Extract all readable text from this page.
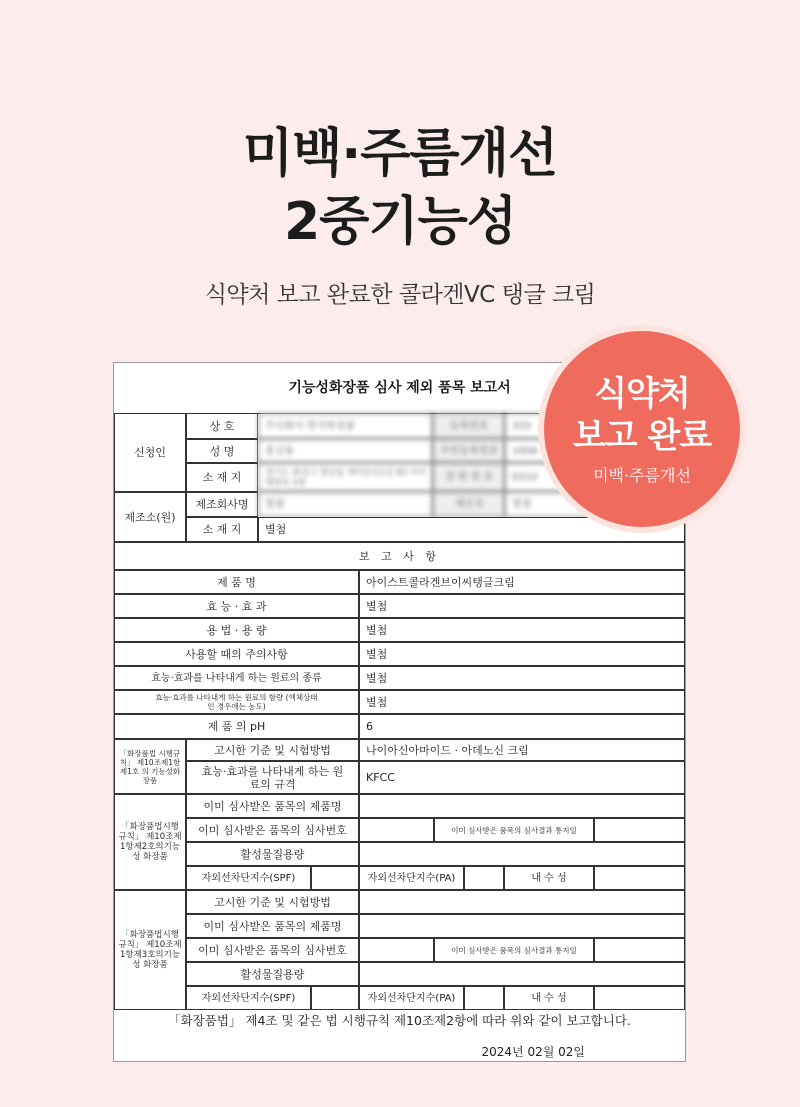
미백·주름개선
2중기능성
식약처 보고 완료한 콜라겐VC 탱글 크림
기능성화장품 심사 제외 품목 보고서
신청인
상 호	주식회사 한국화장품	등록번호	333
성 명	홍길동	주민등록번호	1956
소 재 지	경기도 화성시 향남읍 제약공단1길 83 아이엠빌딩 2층	전 화 번 호	0310
제조소(원)
제조회사명	별첨	제조국	별첨
소 재 지	별첨
보 고 사 항
제 품 명	아이스트콜라겐브이씨탱글크림
효 능 · 효 과	별첨
용 법 · 용 량	별첨
사용할 때의 주의사항	별첨
효능·효과를 나타내게 하는 원료의 종류	별첨
효능·효과를 나타내게 하는 원료의 함량 (액체상태인 경우에는 농도)	별첨
제 품 의 pH	6
「화장품법 시행규칙」 제10조제1항제1호 의 기능성화장품
고시한 기준 및 시험방법	나이아신아마이드 · 아데노신 크림
효능·효과를 나타내게 하는 원료의 규격	KFCC
「화장품법시행규칙」 제10조제1항제2호의기능성 화장품
이미 심사받은 품목의 제품명
이미 심사받은 품목의 심사번호	이미 심사받은 품목의 심사결과 통지일
활성물질용량
자외선차단지수(SPF)	자외선차단지수(PA)	내 수 성
「화장품법시행규칙」 제10조제1항제3호의기능성 화장품
고시한 기준 및 시험방법
이미 심사받은 품목의 제품명
이미 심사받은 품목의 심사번호	이미 심사받은 품목의 심사결과 통지일
활성물질용량
자외선차단지수(SPF)	자외선차단지수(PA)	내 수 성
「화장품법」 제4조 및 같은 법 시행규칙 제10조제2항에 따라 위와 같이 보고합니다.
2024년 02월 02일
식약처
보고 완료
미백·주름개선
